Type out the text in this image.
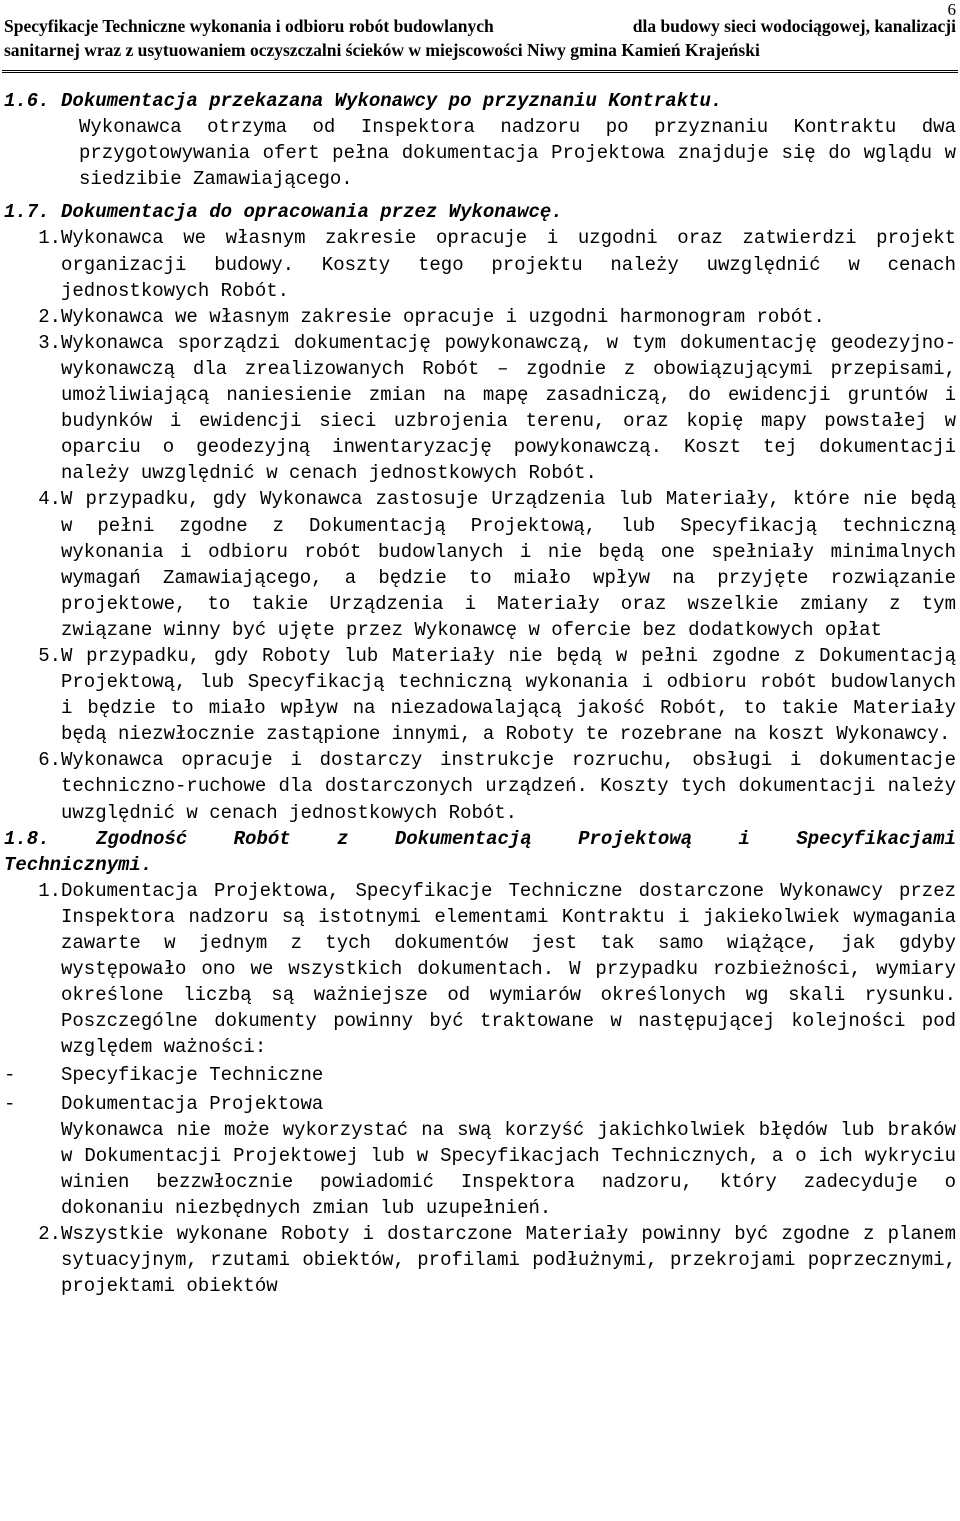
6
Specyfikacje Techniczne wykonania i odbioru robót budowlanych	dla budowy sieci wodociągowej, kanalizacji
sanitarnej wraz z usytuowaniem oczyszczalni ścieków w miejscowości Niwy gmina Kamień Krajeński
1.6. Dokumentacja przekazana Wykonawcy po przyznaniu Kontraktu.
Wykonawca otrzyma od Inspektora nadzoru po przyznaniu Kontraktu dwa przygotowywania ofert pełna dokumentacja Projektowa znajduje się do wglądu w siedzibie Zamawiającego.
1.7. Dokumentacja do opracowania przez Wykonawcę.
1. Wykonawca we własnym zakresie opracuje i uzgodni oraz zatwierdzi projekt organizacji budowy. Koszty tego projektu należy uwzględnić w cenach jednostkowych Robót.
2. Wykonawca we własnym zakresie opracuje i uzgodni harmonogram robót.
3. Wykonawca sporządzi dokumentację powykonawczą, w tym dokumentację geodezyjno-wykonawczą dla zrealizowanych Robót – zgodnie z obowiązującymi przepisami, umożliwiającą naniesienie zmian na mapę zasadniczą, do ewidencji gruntów i budynków i ewidencji sieci uzbrojenia terenu, oraz kopię mapy powstałej w oparciu o geodezyjną inwentaryzację powykonawczą. Koszt tej dokumentacji należy uwzględnić w cenach jednostkowych Robót.
4. W przypadku, gdy Wykonawca zastosuje Urządzenia lub Materiały, które nie będą w pełni zgodne z Dokumentacją Projektową, lub Specyfikacją techniczną wykonania i odbioru robót budowlanych i nie będą one spełniały minimalnych wymagań Zamawiającego, a będzie to miało wpływ na przyjęte rozwiązanie projektowe, to takie Urządzenia i Materiały oraz wszelkie zmiany z tym związane winny być ujęte przez Wykonawcę w ofercie bez dodatkowych opłat
5. W przypadku, gdy Roboty lub Materiały nie będą w pełni zgodne z Dokumentacją Projektową, lub Specyfikacją techniczną wykonania i odbioru robót budowlanych i będzie to miało wpływ na niezadowalającą jakość Robót, to takie Materiały będą niezwłocznie zastąpione innymi, a Roboty te rozebrane na koszt Wykonawcy.
6. Wykonawca opracuje i dostarczy instrukcje rozruchu, obsługi i dokumentacje techniczno-ruchowe dla dostarczonych urządzeń. Koszty tych dokumentacji należy uwzględnić w cenach jednostkowych Robót.
1.8. Zgodność Robót z Dokumentacją Projektową i Specyfikacjami
Technicznymi.
1. Dokumentacja Projektowa, Specyfikacje Techniczne dostarczone Wykonawcy przez Inspektora nadzoru są istotnymi elementami Kontraktu i jakiekolwiek wymagania zawarte w jednym z tych dokumentów jest tak samo wiążące, jak gdyby występowało ono we wszystkich dokumentach. W przypadku rozbieżności, wymiary określone liczbą są ważniejsze od wymiarów określonych wg skali rysunku. Poszczególne dokumenty powinny być traktowane w następującej kolejności pod względem ważności:
-	Specyfikacje Techniczne
-	Dokumentacja Projektowa
Wykonawca nie może wykorzystać na swą korzyść jakichkolwiek błędów lub braków w Dokumentacji Projektowej lub w Specyfikacjach Technicznych, a o ich wykryciu winien bezzwłocznie powiadomić Inspektora nadzoru, który zadecyduje o dokonaniu niezbędnych zmian lub uzupełnień.
2. Wszystkie wykonane Roboty i dostarczone Materiały powinny być zgodne z planem sytuacyjnym, rzutami obiektów, profilami podłużnymi, przekrojami poprzecznymi, projektami obiektów
